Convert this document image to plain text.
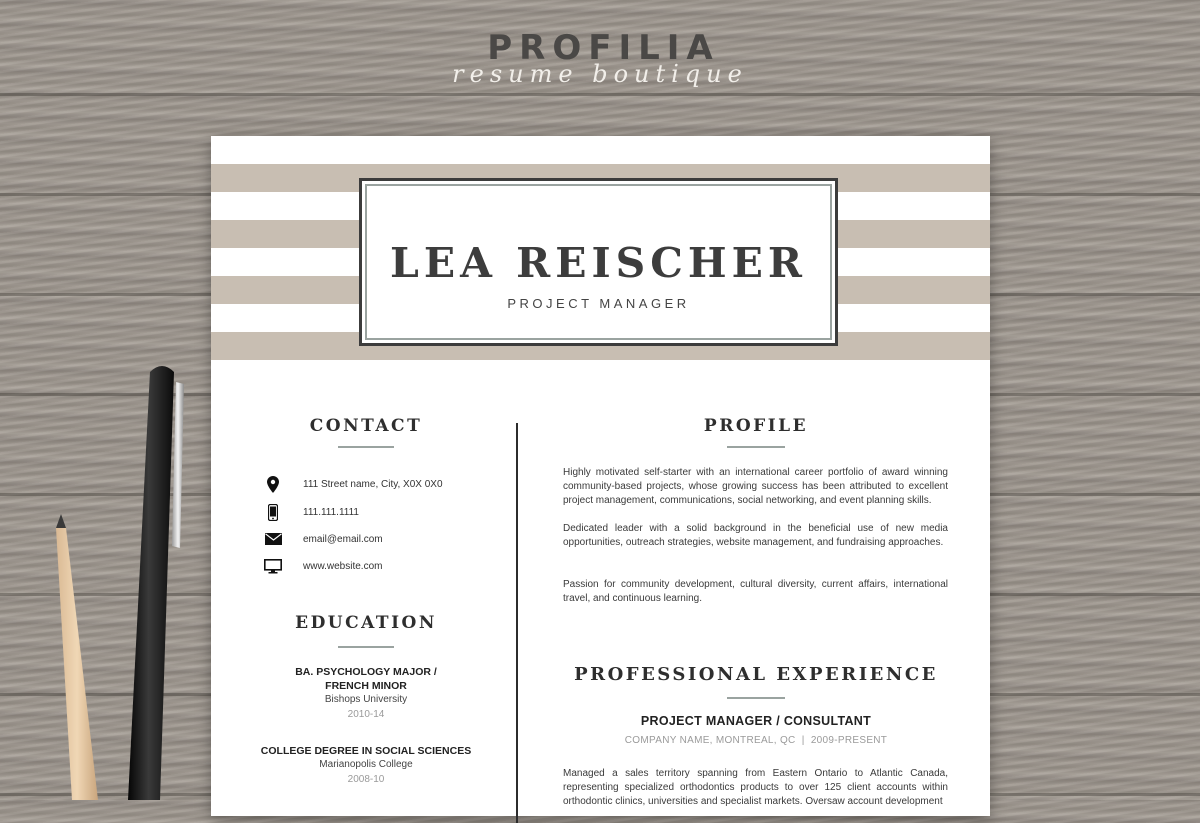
PROFILIA
resume boutique
LEA REISCHER
PROJECT MANAGER
CONTACT
111 Street name, City, X0X 0X0
111.111.1111
email@email.com
www.website.com
EDUCATION
BA. PSYCHOLOGY MAJOR /
FRENCH MINOR
Bishops University
2010-14
COLLEGE DEGREE IN SOCIAL SCIENCES
Marianopolis College
2008-10
PROFILE

Highly motivated self-starter with an international career portfolio of award winning community-based projects, whose growing success has been attributed to excellent project management, communications, social networking, and event planning skills.

Dedicated leader with a solid background in the beneficial use of new media opportunities, outreach strategies, website management, and fundraising approaches.

Passion for community development, cultural diversity, current affairs, international travel, and continuous learning.

PROFESSIONAL EXPERIENCE
PROJECT MANAGER / CONSULTANT
COMPANY NAME, MONTREAL, QC | 2009-PRESENT

Managed a sales territory spanning from Eastern Ontario to Atlantic Canada, representing specialized orthodontics products to over 125 client accounts within orthodontic clinics, universities and specialist markets. Oversaw account development
